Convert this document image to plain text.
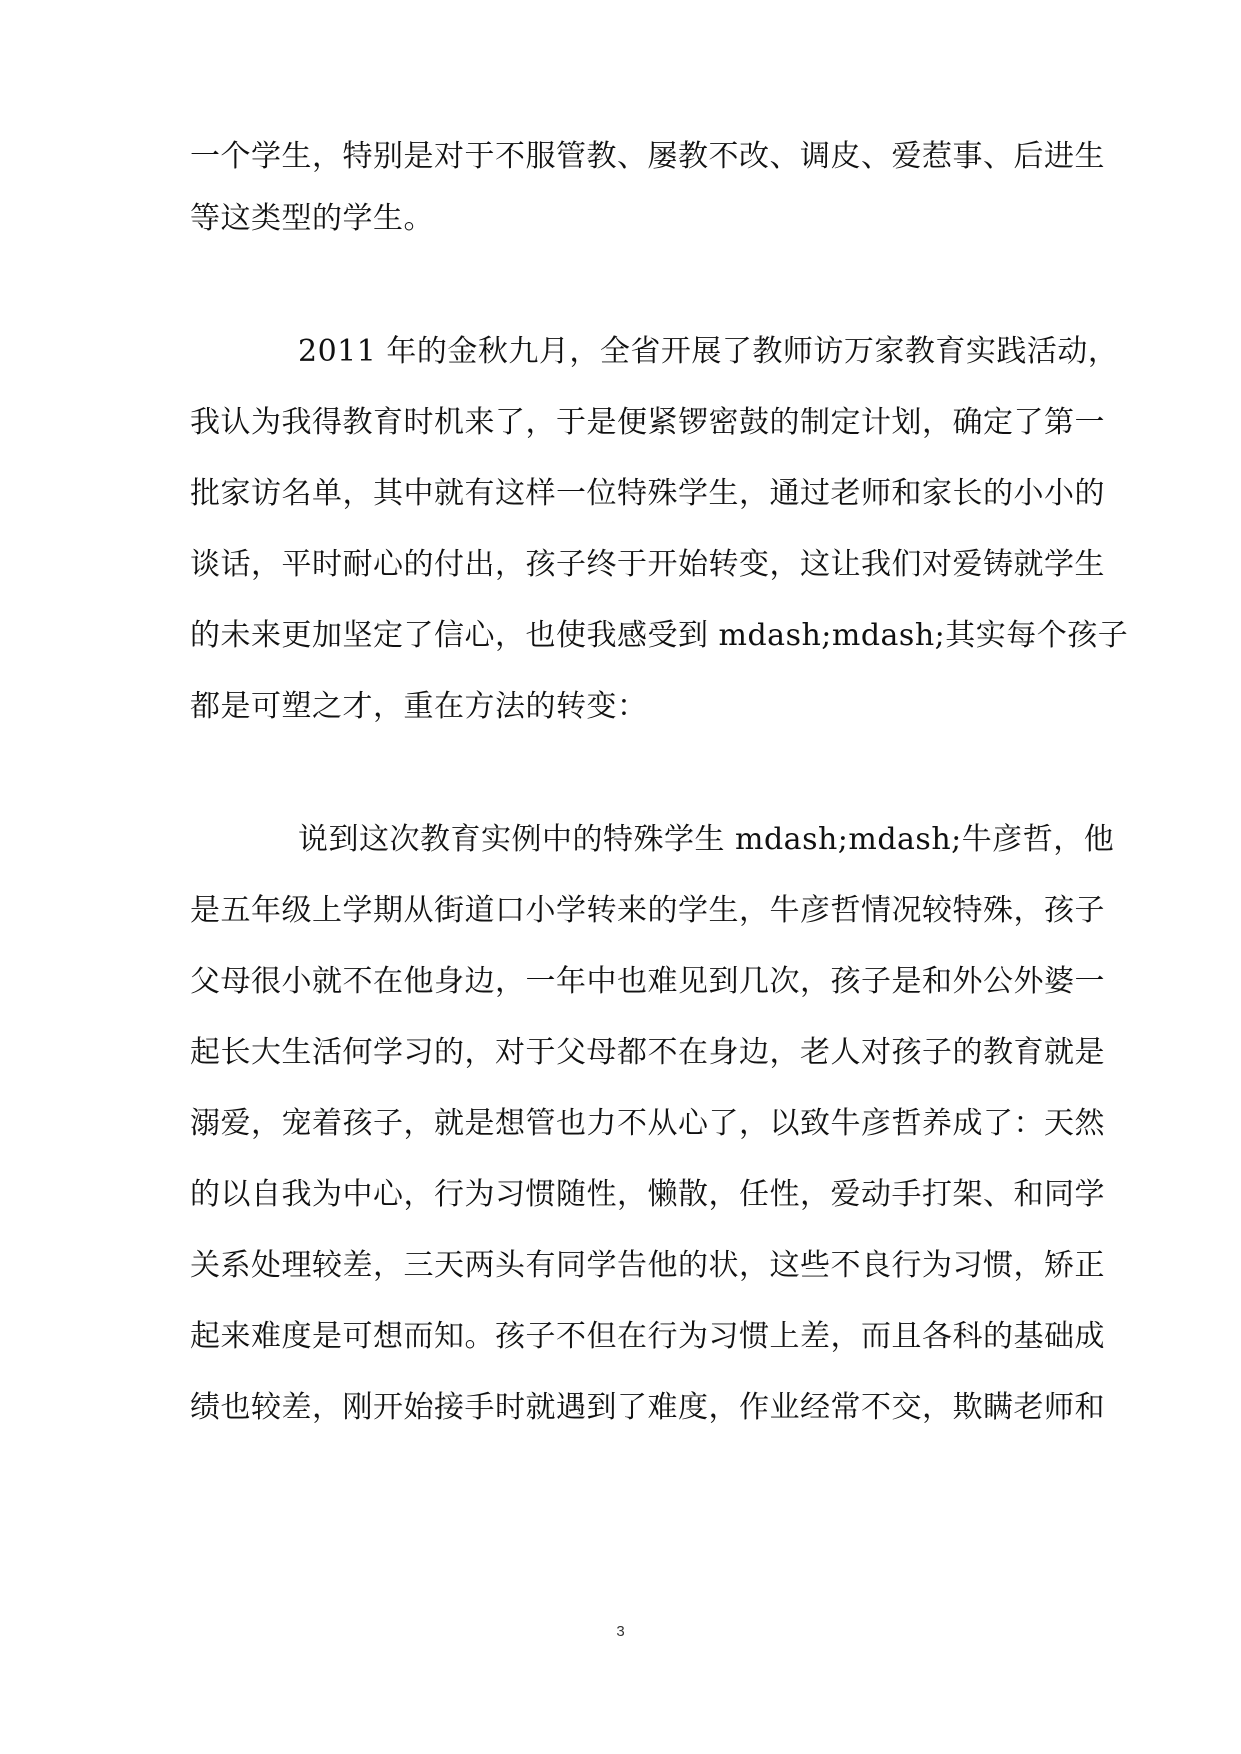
一个学生，特别是对于不服管教、屡教不改、调皮、爱惹事、后进生
等这类型的学生。
2011 年的金秋九月，全省开展了教师访万家教育实践活动，
我认为我得教育时机来了，于是便紧锣密鼓的制定计划，确定了第一
批家访名单，其中就有这样一位特殊学生，通过老师和家长的小小的
谈话，平时耐心的付出，孩子终于开始转变，这让我们对爱铸就学生
的未来更加坚定了信心，也使我感受到 mdash;mdash;其实每个孩子
都是可塑之才，重在方法的转变：
说到这次教育实例中的特殊学生 mdash;mdash;牛彦哲，他
是五年级上学期从街道口小学转来的学生，牛彦哲情况较特殊，孩子
父母很小就不在他身边，一年中也难见到几次，孩子是和外公外婆一
起长大生活何学习的，对于父母都不在身边，老人对孩子的教育就是
溺爱，宠着孩子，就是想管也力不从心了，以致牛彦哲养成了：天然
的以自我为中心，行为习惯随性，懒散，任性，爱动手打架、和同学
关系处理较差，三天两头有同学告他的状，这些不良行为习惯，矫正
起来难度是可想而知。孩子不但在行为习惯上差，而且各科的基础成
绩也较差，刚开始接手时就遇到了难度，作业经常不交，欺瞒老师和
3
